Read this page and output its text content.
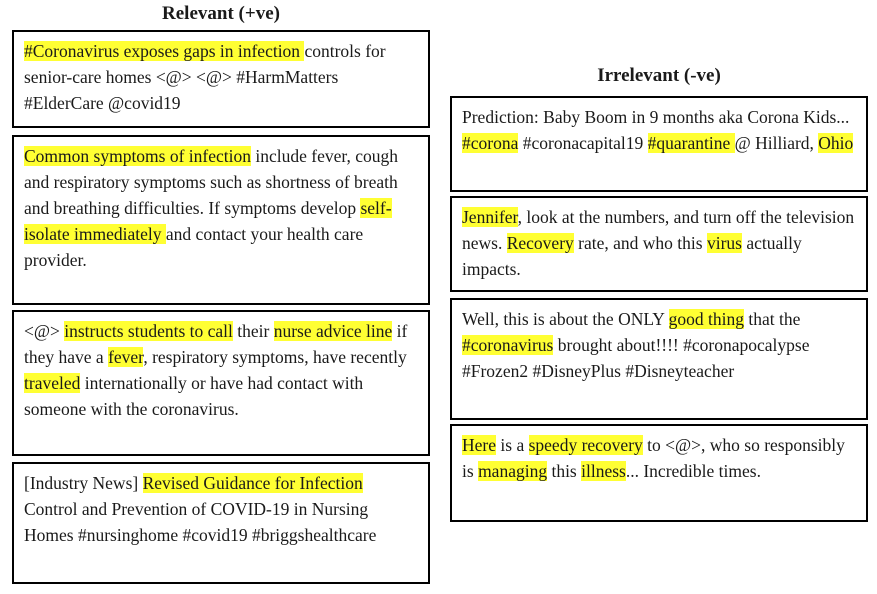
Relevant (+ve)
#Coronavirus exposes gaps in infection controls for senior-care homes <@> <@> #HarmMatters #ElderCare @covid19
Common symptoms of infection include fever, cough and respiratory symptoms such as shortness of breath and breathing difficulties. If symptoms develop self-isolate immediately and contact your health care provider.
<@> instructs students to call their nurse advice line if they have a fever, respiratory symptoms, have recently traveled internationally or have had contact with someone with the coronavirus.
[Industry News] Revised Guidance for Infection Control and Prevention of COVID-19 in Nursing Homes #nursinghome #covid19 #briggshealthcare
Irrelevant (-ve)
Prediction: Baby Boom in 9 months aka Corona Kids... #corona #coronacapital19 #quarantine @ Hilliard, Ohio
Jennifer, look at the numbers, and turn off the television news. Recovery rate, and who this virus actually impacts.
Well, this is about the ONLY good thing that the #coronavirus brought about!!!! #coronapocalypse #Frozen2 #DisneyPlus #Disneyteacher
Here is a speedy recovery to <@>, who so responsibly is managing this illness... Incredible times.
